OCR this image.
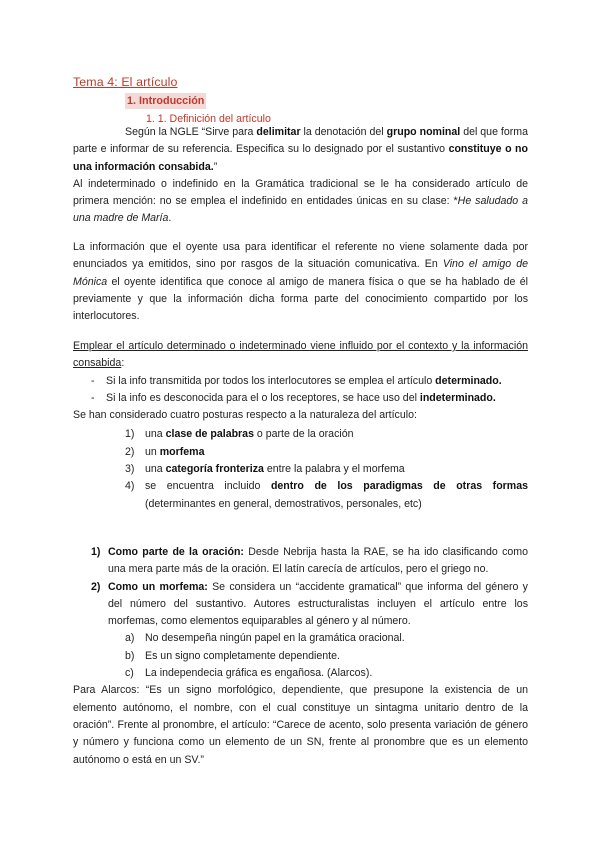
Tema 4: El artículo
1. Introducción
1. 1. Definición del artículo

Según la NGLE “Sirve para delimitar la denotación del grupo nominal del que forma parte e informar de su referencia. Especifica su lo designado por el sustantivo constituye o no una información consabida.”

Al indeterminado o indefinido en la Gramática tradicional se le ha considerado artículo de primera mención: no se emplea el indefinido en entidades únicas en su clase: *He saludado a una madre de María.

La información que el oyente usa para identificar el referente no viene solamente dada por enunciados ya emitidos, sino por rasgos de la situación comunicativa. En Vino el amigo de Mónica el oyente identifica que conoce al amigo de manera física o que se ha hablado de él previamente y que la información dicha forma parte del conocimiento compartido por los interlocutores.

Emplear el artículo determinado o indeterminado viene influido por el contexto y la información consabida:

- Si la info transmitida por todos los interlocutores se emplea el artículo determinado.
- Si la info es desconocida para el o los receptores, se hace uso del indeterminado.

Se han considerado cuatro posturas respecto a la naturaleza del artículo:

1) una clase de palabras o parte de la oración
2) un morfema
3) una categoría fronteriza entre la palabra y el morfema
4) se encuentra incluido dentro de los paradigmas de otras formas (determinantes en general, demostrativos, personales, etc)
1) Como parte de la oración: Desde Nebrija hasta la RAE, se ha ido clasificando como una mera parte más de la oración. El latín carecía de artículos, pero el griego no.
2) Como un morfema: Se considera un “accidente gramatical” que informa del género y del número del sustantivo. Autores estructuralistas incluyen el artículo entre los morfemas, como elementos equiparables al género y al número.
a) No desempeña ningún papel en la gramática oracional.
b) Es un signo completamente dependiente.
c) La independecia gráfica es engañosa. (Alarcos).

Para Alarcos: “Es un signo morfológico, dependiente, que presupone la existencia de un elemento autónomo, el nombre, con el cual constituye un sintagma unitario dentro de la oración”. Frente al pronombre, el artículo: “Carece de acento, solo presenta variación de género y número y funciona como un elemento de un SN, frente al pronombre que es un elemento autónomo o está en un SV.”
